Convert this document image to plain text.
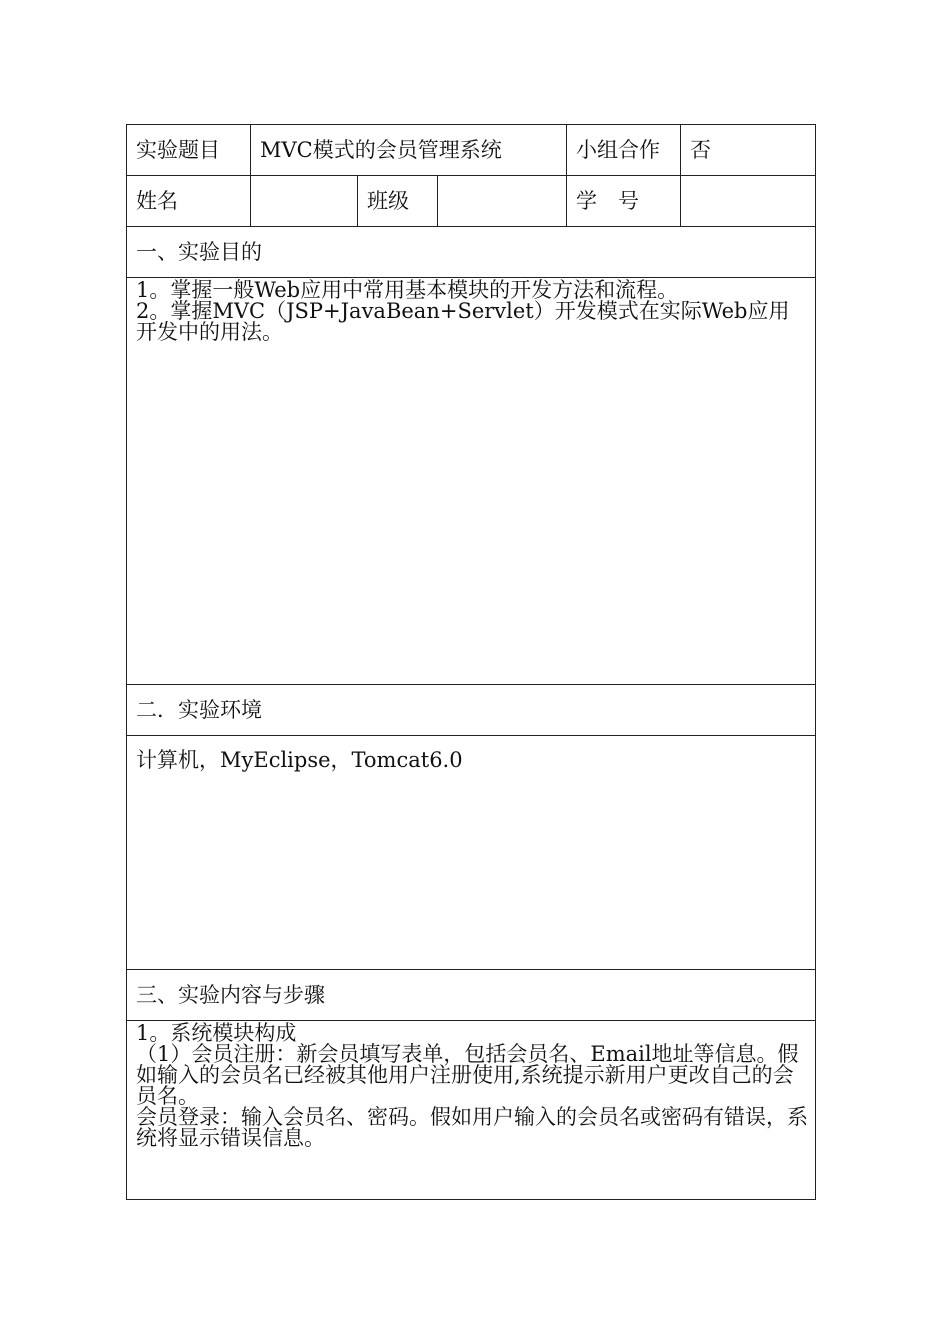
实验题目	MVC模式的会员管理系统			小组合作	否
姓名		班级		学　号	
一、实验目的					

1。掌握一般Web应用中常用基本模块的开发方法和流程。

2。掌握MVC（JSP+JavaBean+Servlet）开发模式在实际Web应用开发中的用法。					

二．实验环境					
计算机，MyEclipse，Tomcat6.0					
三、实验内容与步骤					

1。系统模块构成

（1）会员注册：新会员填写表单，包括会员名、Email地址等信息。假如输入的会员名已经被其他用户注册使用,系统提示新用户更改自己的会员名。

会员登录：输入会员名、密码。假如用户输入的会员名或密码有错误，系统将显示错误信息。					
